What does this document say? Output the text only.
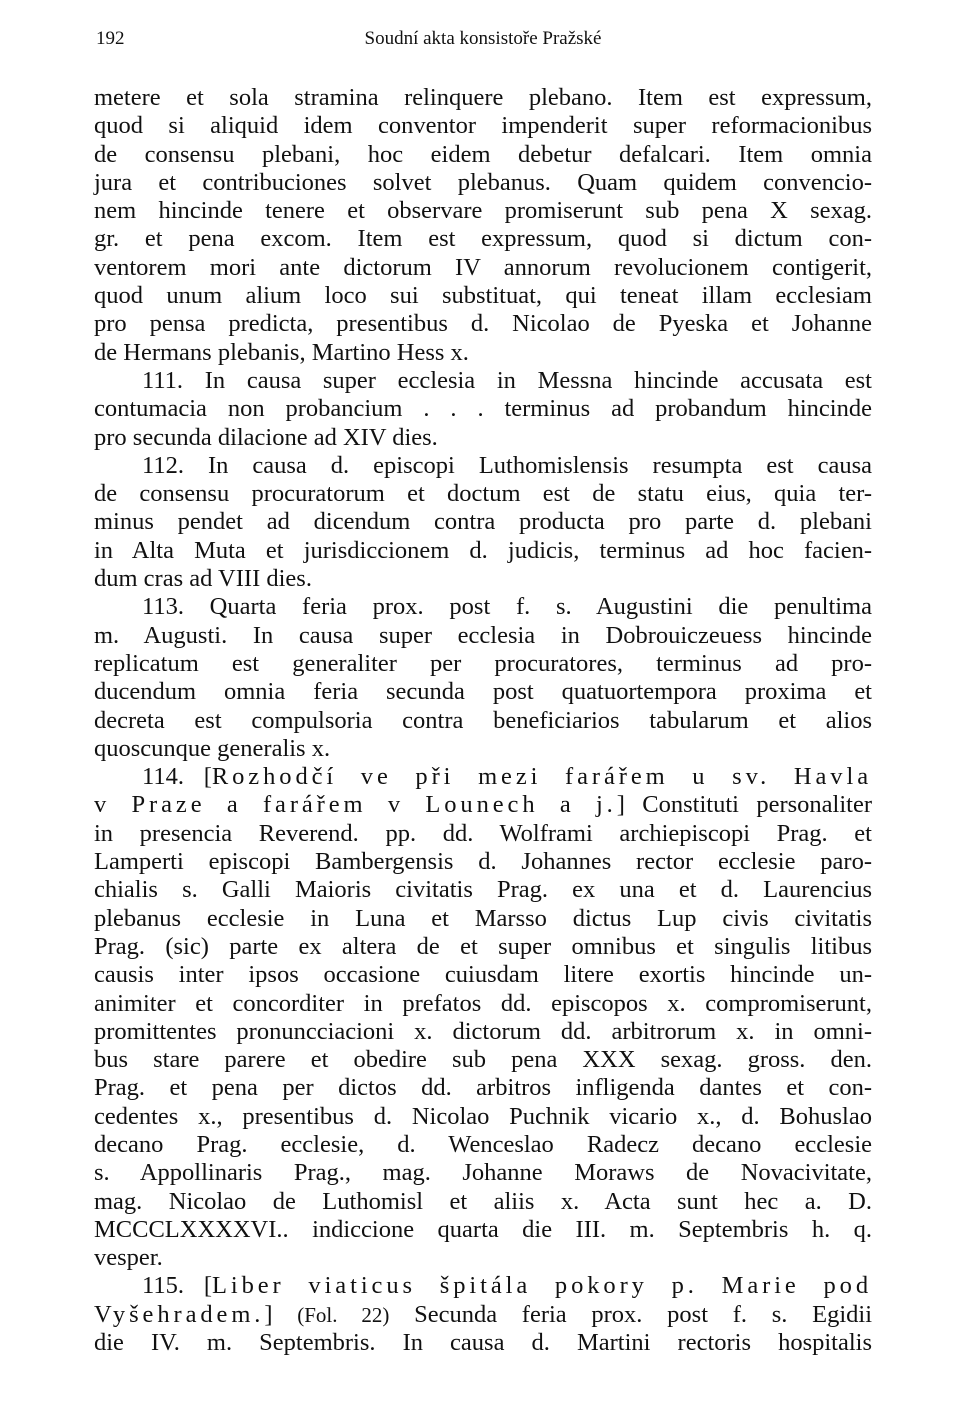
192	Soudní akta konsistoře Pražské
metere et sola stramina relinquere plebano. Item est expressum,
quod si aliquid idem conventor impenderit super reformacionibus
de consensu plebani, hoc eidem debetur defalcari. Item omnia
jura et contribuciones solvet plebanus. Quam quidem convencio-
nem hincinde tenere et observare promiserunt sub pena X sexag.
gr. et pena excom. Item est expressum, quod si dictum con-
ventorem mori ante dictorum IV annorum revolucionem contigerit,
quod unum alium loco sui substituat, qui teneat illam ecclesiam
pro pensa predicta, presentibus d. Nicolao de Pyeska et Johanne
de Hermans plebanis, Martino Hess x.
111. In causa super ecclesia in Messna hincinde accusata est
contumacia non probancium . . . terminus ad probandum hincinde
pro secunda dilacione ad XIV dies.
112. In causa d. episcopi Luthomislensis resumpta est causa
de consensu procuratorum et doctum est de statu eius, quia ter-
minus pendet ad dicendum contra producta pro parte d. plebani
in Alta Muta et jurisdiccionem d. judicis, terminus ad hoc facien-
dum cras ad VIII dies.
113. Quarta feria prox. post f. s. Augustini die penultima
m. Augusti. In causa super ecclesia in Dobrouiczeuess hincinde
replicatum est generaliter per procuratores, terminus ad pro-
ducendum omnia feria secunda post quatuortempora proxima et
decreta est compulsoria contra beneficiarios tabularum et alios
quoscunque generalis x.
114. [Rozhodčí ve při mezi farářem u sv. Havla
v Praze a farářem v Lounech a j.] Constituti personaliter
in presencia Reverend. pp. dd. Wolframi archiepiscopi Prag. et
Lamperti episcopi Bambergensis d. Johannes rector ecclesie paro-
chialis s. Galli Maioris civitatis Prag. ex una et d. Laurencius
plebanus ecclesie in Luna et Marsso dictus Lup civis civitatis
Prag. (sic) parte ex altera de et super omnibus et singulis litibus
causis inter ipsos occasione cuiusdam litere exortis hincinde un-
animiter et concorditer in prefatos dd. episcopos x. compromiserunt,
promittentes pronuncciacioni x. dictorum dd. arbitrorum x. in omni-
bus stare parere et obedire sub pena XXX sexag. gross. den.
Prag. et pena per dictos dd. arbitros infligenda dantes et con-
cedentes x., presentibus d. Nicolao Puchnik vicario x., d. Bohuslao
decano Prag. ecclesie, d. Wenceslao Radecz decano ecclesie
s. Appollinaris Prag., mag. Johanne Moraws de Novacivitate,
mag. Nicolao de Luthomisl et aliis x. Acta sunt hec a. D.
MCCCLXXXXVI.. indiccione quarta die III. m. Septembris h. q.
vesper.
115. [Liber viaticus špitála pokory p. Marie pod
Vyšehradem.] (Fol. 22) Secunda feria prox. post f. s. Egidii
die IV. m. Septembris. In causa d. Martini rectoris hospitalis
